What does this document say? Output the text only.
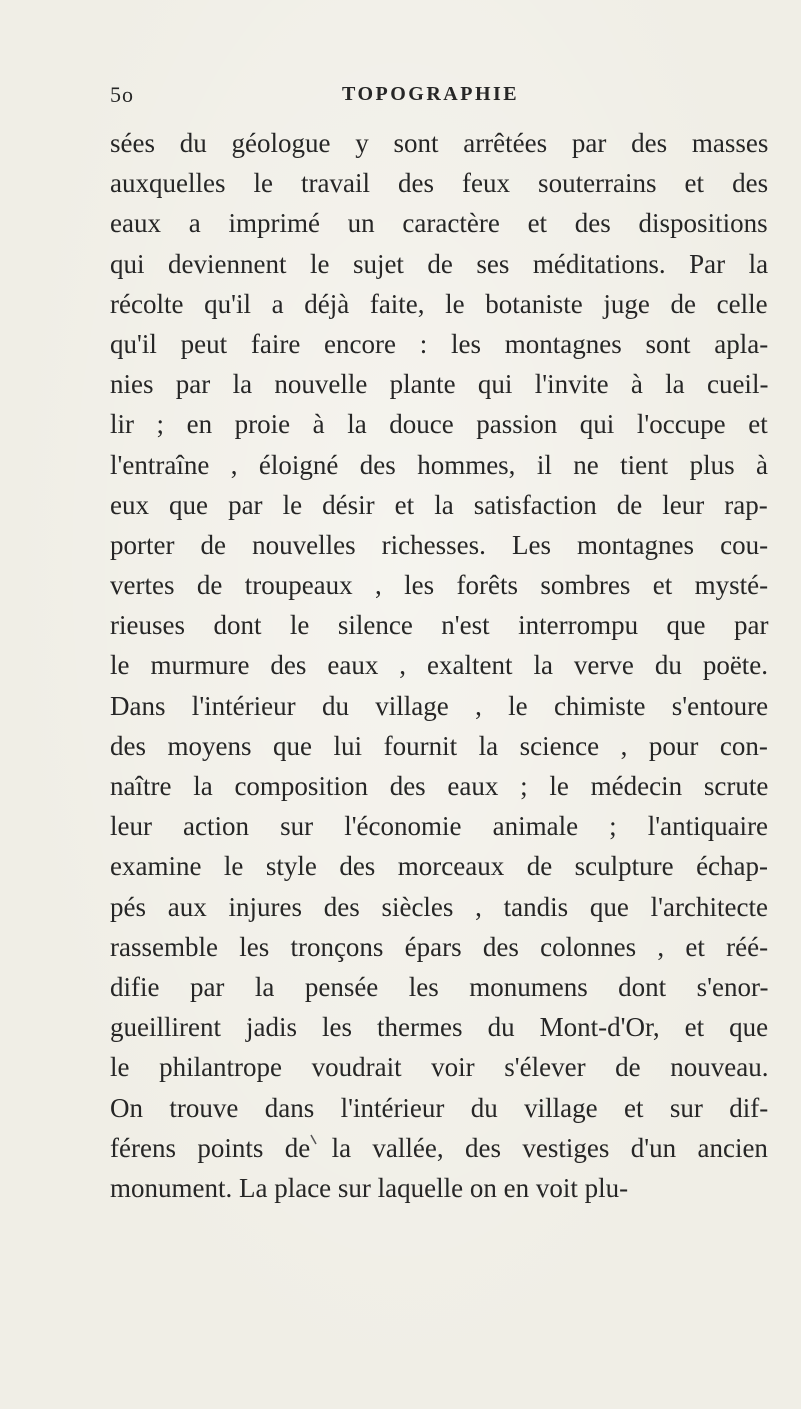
5o	TOPOGRAPHIE
sées du géologue y sont arrêtées par des masses
auxquelles le travail des feux souterrains et des
eaux a imprimé un caractère et des dispositions
qui deviennent le sujet de ses méditations. Par la
récolte qu'il a déjà faite, le botaniste juge de celle
qu'il peut faire encore : les montagnes sont apla-
nies par la nouvelle plante qui l'invite à la cueil-
lir ; en proie à la douce passion qui l'occupe et
l'entraîne , éloigné des hommes, il ne tient plus à
eux que par le désir et la satisfaction de leur rap-
porter de nouvelles richesses. Les montagnes cou-
vertes de troupeaux , les forêts sombres et mysté-
rieuses dont le silence n'est interrompu que par
le murmure des eaux , exaltent la verve du poëte.
Dans l'intérieur du village , le chimiste s'entoure
des moyens que lui fournit la science , pour con-
naître la composition des eaux ; le médecin scrute
leur action sur l'économie animale ; l'antiquaire
examine le style des morceaux de sculpture échap-
pés aux injures des siècles , tandis que l'architecte
rassemble les tronçons épars des colonnes , et réé-
difie par la pensée les monumens dont s'enor-
gueillirent jadis les thermes du Mont-d'Or, et que
le philantrope voudrait voir s'élever de nouveau.
On trouve dans l'intérieur du village et sur dif-
férens points de la vallée, des vestiges d'un ancien
monument. La place sur laquelle on en voit plu-
